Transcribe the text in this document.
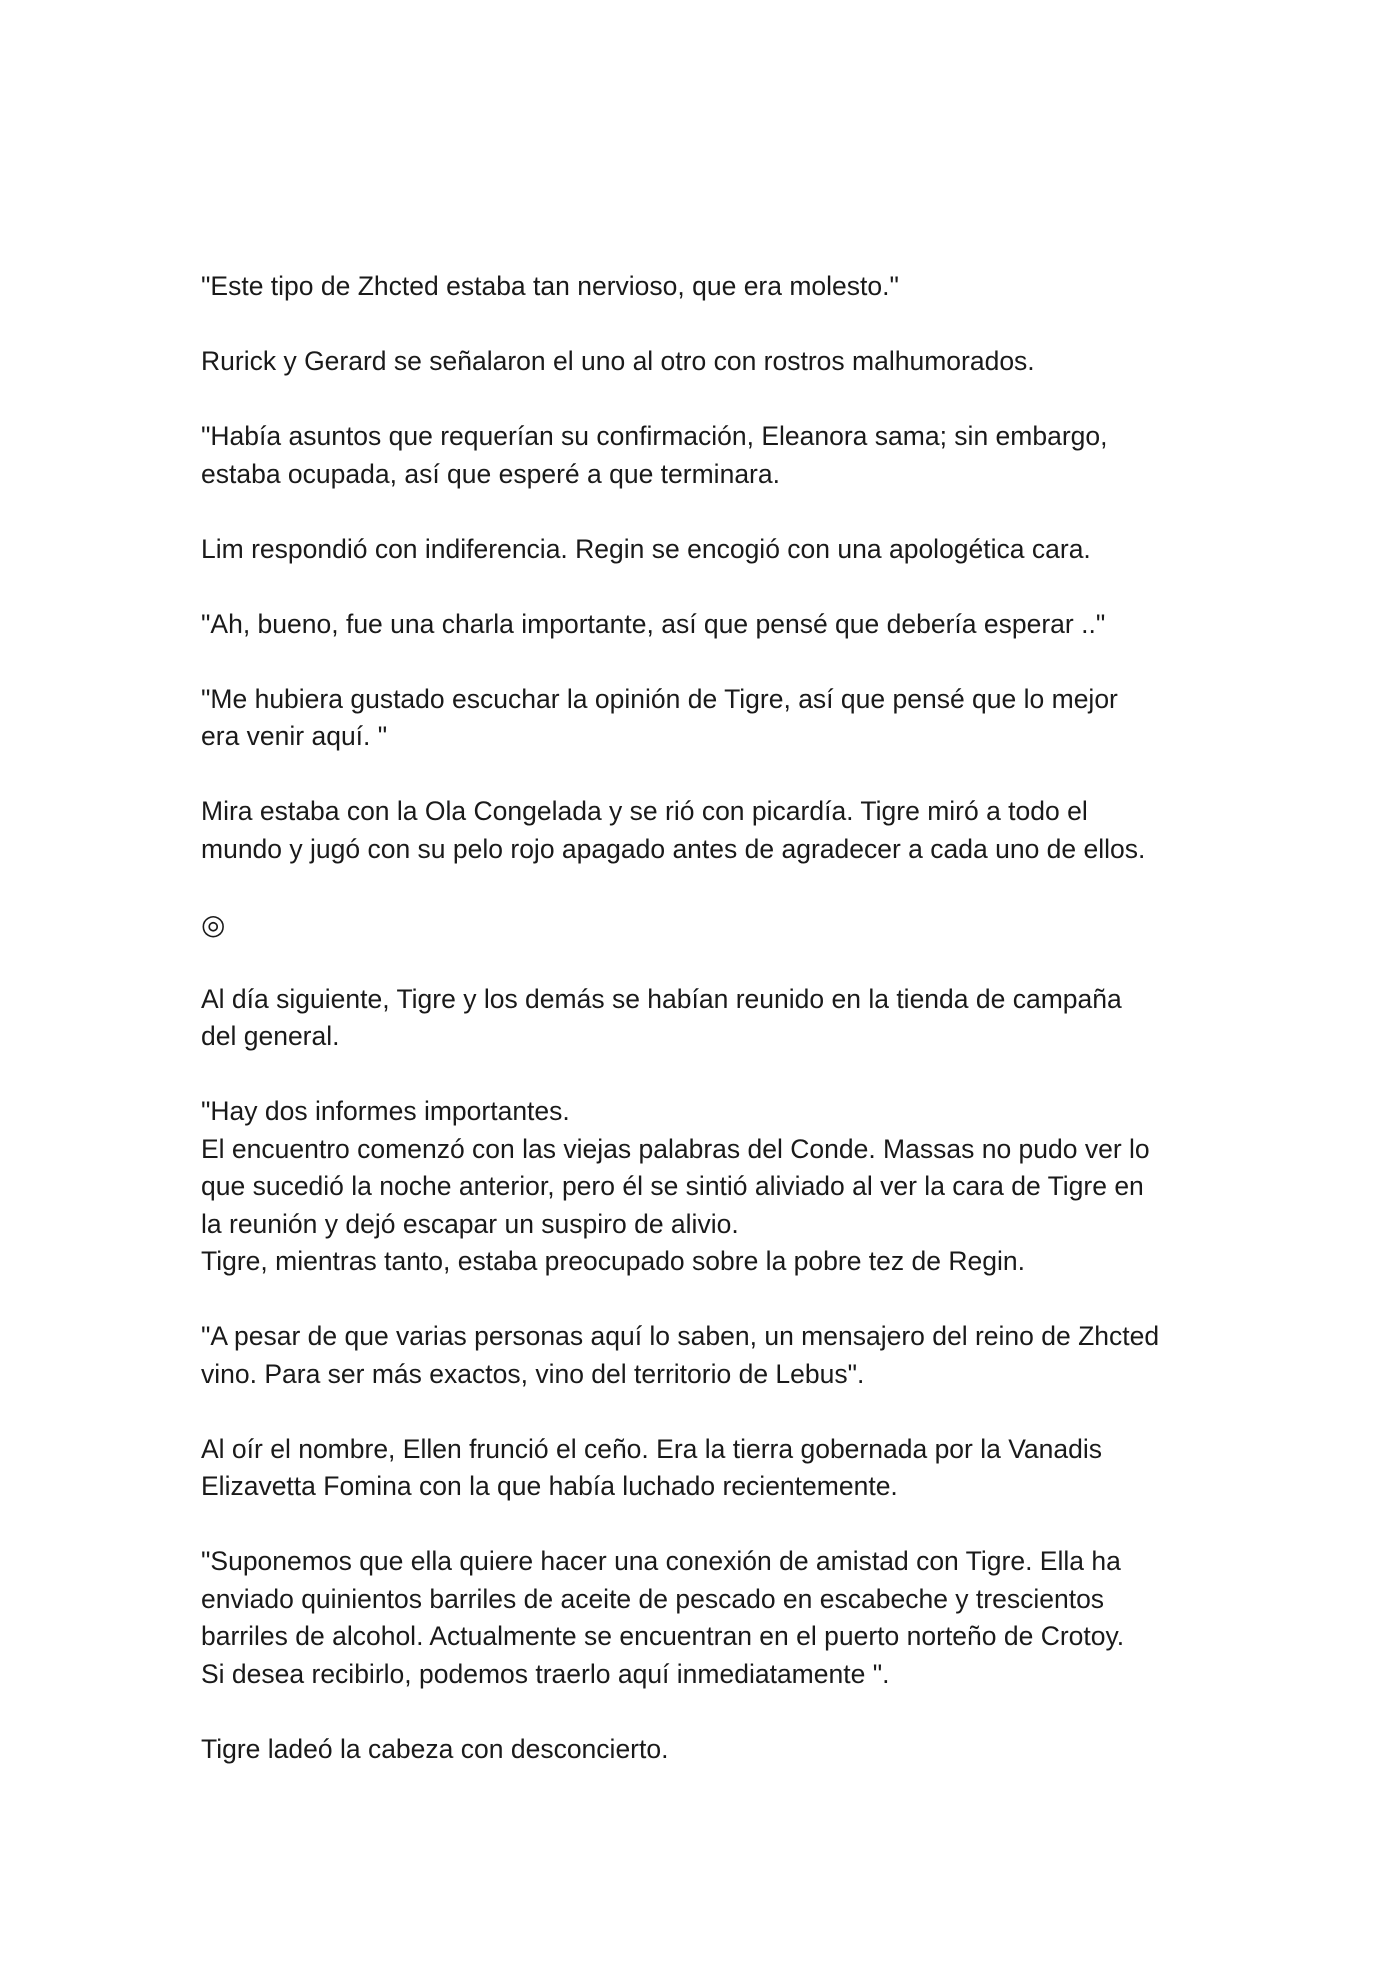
"Este tipo de Zhcted estaba tan nervioso, que era molesto."

Rurick y Gerard se señalaron el uno al otro con rostros malhumorados.

"Había asuntos que requerían su confirmación, Eleanora sama; sin embargo,
estaba ocupada, así que esperé a que terminara.

Lim respondió con indiferencia. Regin se encogió con una apologética cara.

"Ah, bueno, fue una charla importante, así que pensé que debería esperar .."

"Me hubiera gustado escuchar la opinión de Tigre, así que pensé que lo mejor
era venir aquí. "

Mira estaba con la Ola Congelada y se rió con picardía. Tigre miró a todo el
mundo y jugó con su pelo rojo apagado antes de agradecer a cada uno de ellos.

◎

Al día siguiente, Tigre y los demás se habían reunido en la tienda de campaña
del general.

"Hay dos informes importantes.
El encuentro comenzó con las viejas palabras del Conde. Massas no pudo ver lo
que sucedió la noche anterior, pero él se sintió aliviado al ver la cara de Tigre en
la reunión y dejó escapar un suspiro de alivio.
Tigre, mientras tanto, estaba preocupado sobre la pobre tez de Regin.

"A pesar de que varias personas aquí lo saben, un mensajero del reino de Zhcted
vino. Para ser más exactos, vino del territorio de Lebus".

Al oír el nombre, Ellen frunció el ceño. Era la tierra gobernada por la Vanadis
Elizavetta Fomina con la que había luchado recientemente.

"Suponemos que ella quiere hacer una conexión de amistad con Tigre. Ella ha
enviado quinientos barriles de aceite de pescado en escabeche y trescientos
barriles de alcohol. Actualmente se encuentran en el puerto norteño de Crotoy.
Si desea recibirlo, podemos traerlo aquí inmediatamente ".

Tigre ladeó la cabeza con desconcierto.
